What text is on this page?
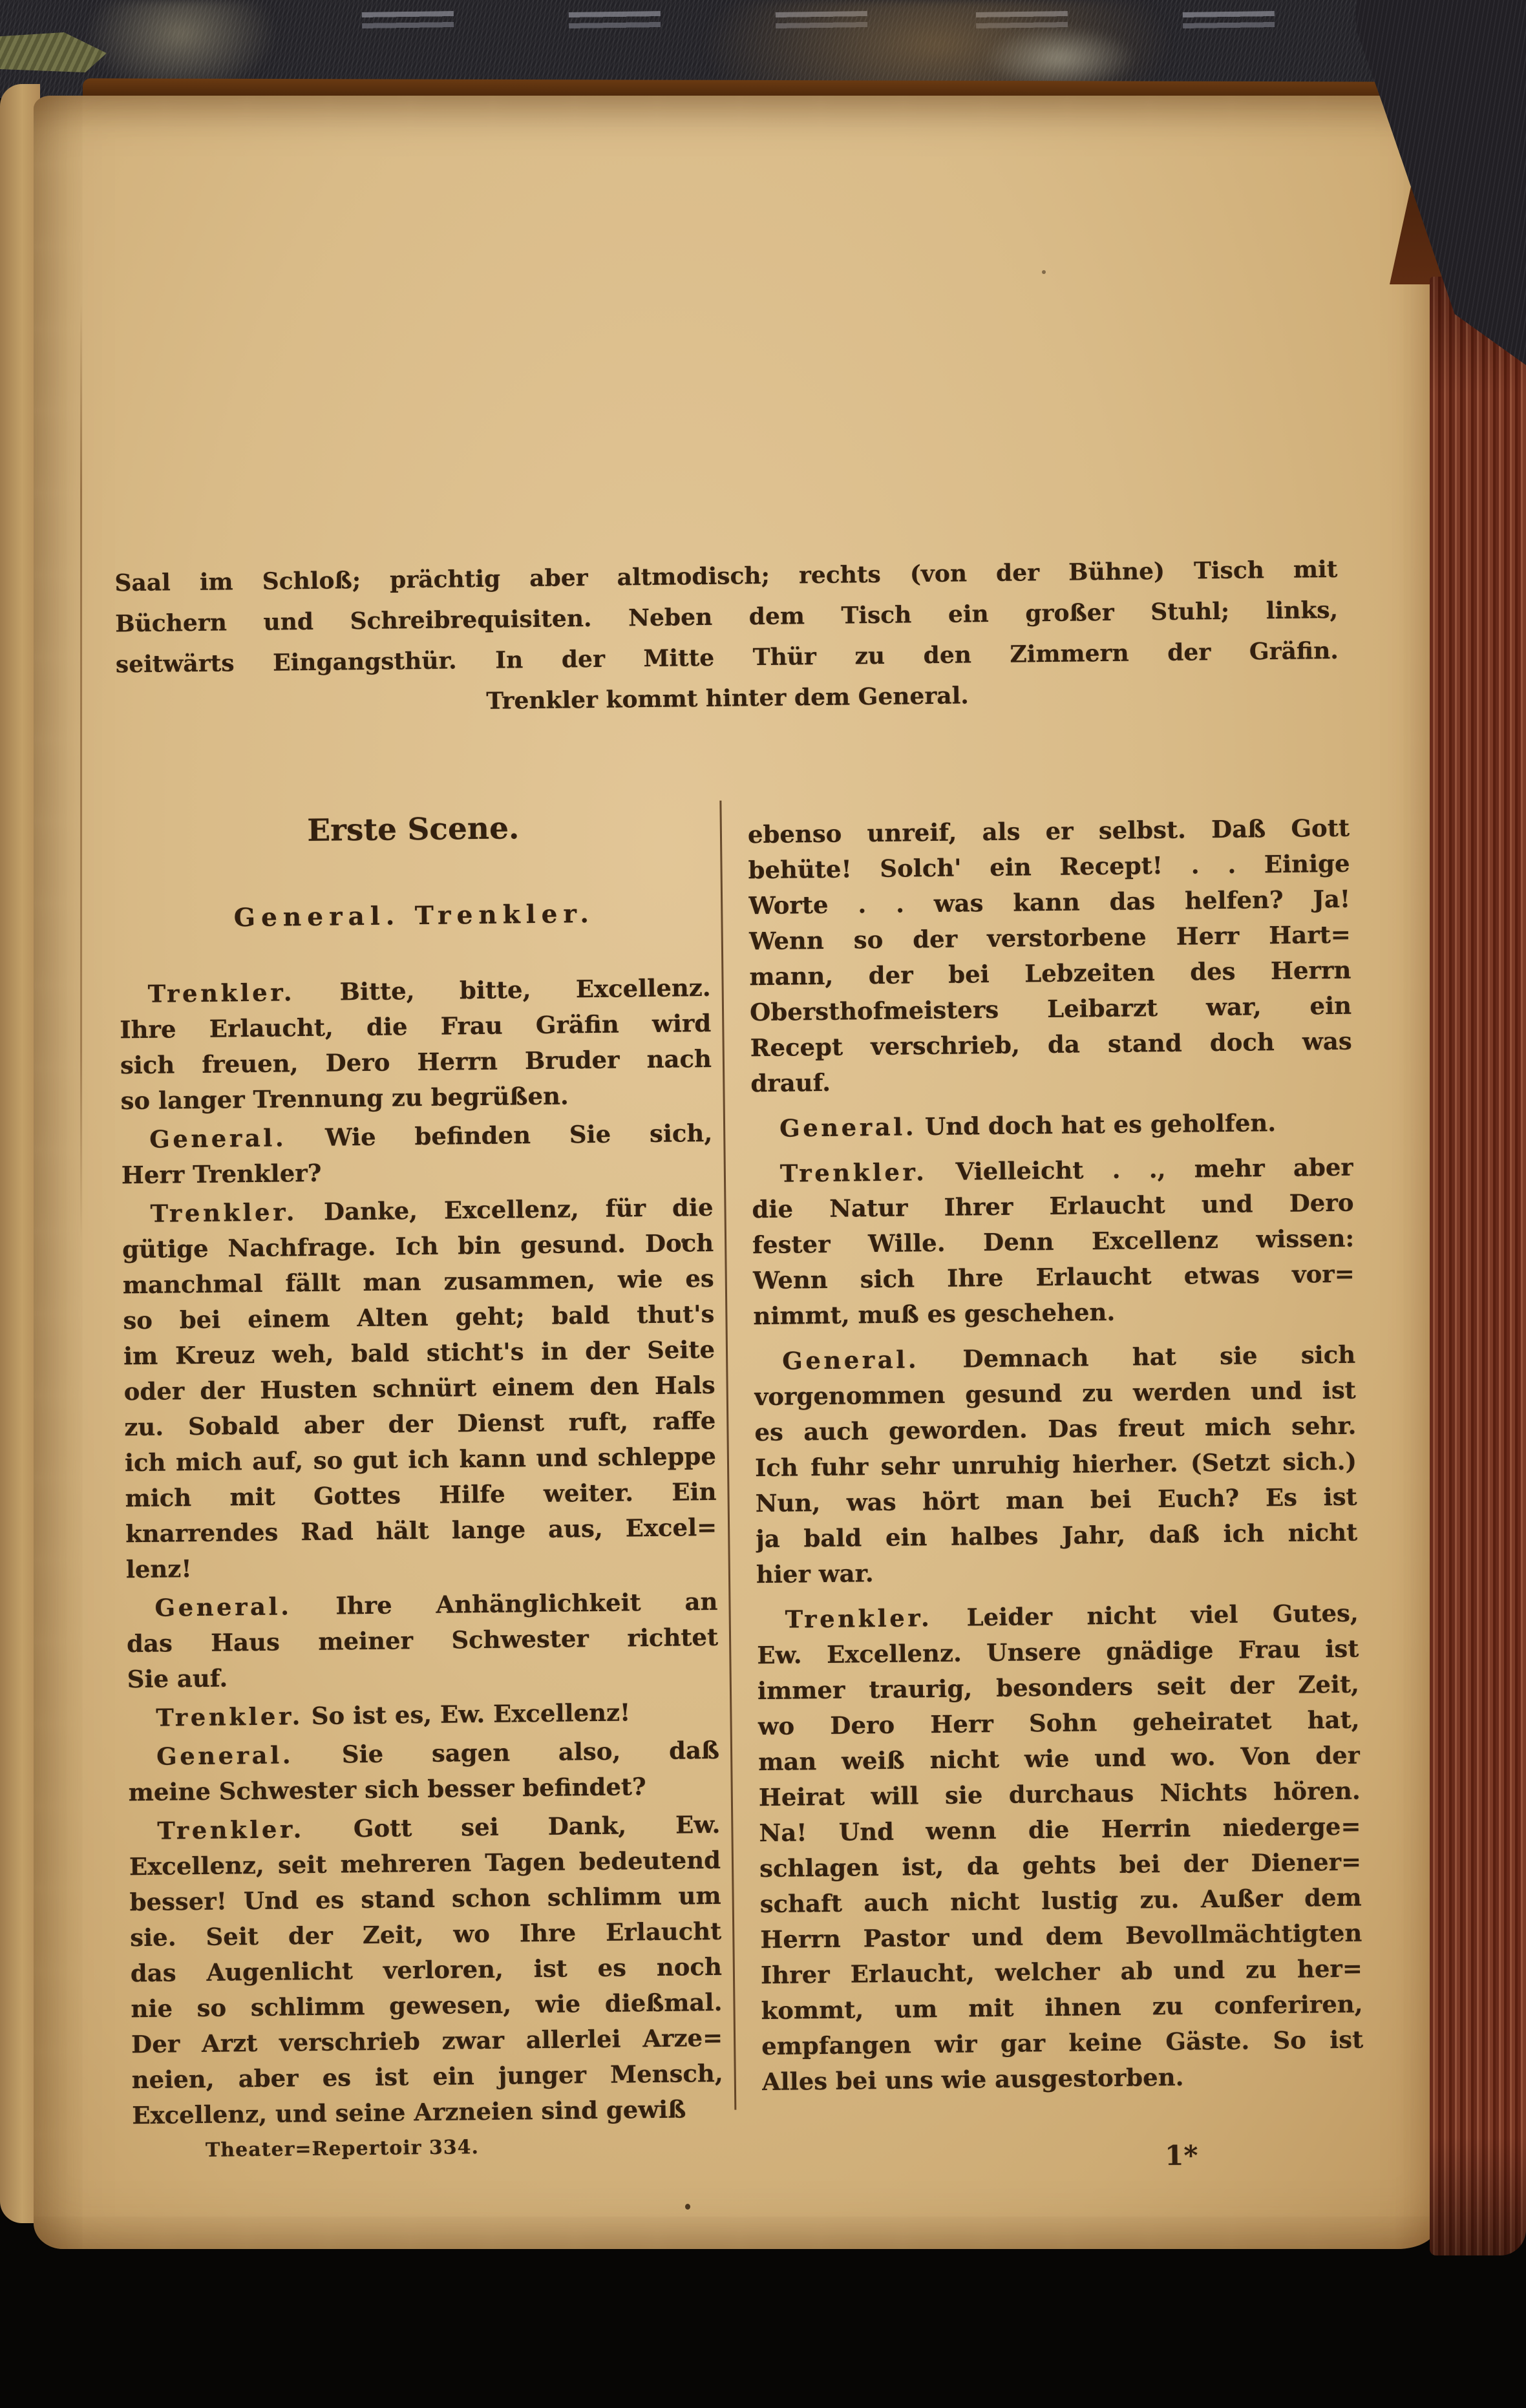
Saal im Schloß; prächtig aber altmodisch; rechts (von der Bühne) Tisch mit
Büchern und Schreibrequisiten. Neben dem Tisch ein großer Stuhl; links,
seitwärts Eingangsthür. In der Mitte Thür zu den Zimmern der Gräfin.
Trenkler kommt hinter dem General.
Erste Scene.
General. Trenkler.
Trenkler. Bitte, bitte, Excellenz.
Ihre Erlaucht, die Frau Gräfin wird
sich freuen, Dero Herrn Bruder nach
so langer Trennung zu begrüßen.
General. Wie befinden Sie sich,
Herr Trenkler?
Trenkler. Danke, Excellenz, für die
gütige Nachfrage. Ich bin gesund. Doch
manchmal fällt man zusammen, wie es
so bei einem Alten geht; bald thut's
im Kreuz weh, bald sticht's in der Seite
oder der Husten schnürt einem den Hals
zu. Sobald aber der Dienst ruft, raffe
ich mich auf, so gut ich kann und schleppe
mich mit Gottes Hilfe weiter. Ein
knarrendes Rad hält lange aus, Excel=
lenz!
General. Ihre Anhänglichkeit an
das Haus meiner Schwester richtet
Sie auf.
Trenkler. So ist es, Ew. Excellenz!
General. Sie sagen also, daß
meine Schwester sich besser befindet?
Trenkler. Gott sei Dank, Ew.
Excellenz, seit mehreren Tagen bedeutend
besser! Und es stand schon schlimm um
sie. Seit der Zeit, wo Ihre Erlaucht
das Augenlicht verloren, ist es noch
nie so schlimm gewesen, wie dießmal.
Der Arzt verschrieb zwar allerlei Arze=
neien, aber es ist ein junger Mensch,
Excellenz, und seine Arzneien sind gewiß
ebenso unreif, als er selbst. Daß Gott
behüte! Solch' ein Recept! . . Einige
Worte . . was kann das helfen? Ja!
Wenn so der verstorbene Herr Hart=
mann, der bei Lebzeiten des Herrn
Obersthofmeisters Leibarzt war, ein
Recept verschrieb, da stand doch was
drauf.
General. Und doch hat es geholfen.
Trenkler. Vielleicht . ., mehr aber
die Natur Ihrer Erlaucht und Dero
fester Wille. Denn Excellenz wissen:
Wenn sich Ihre Erlaucht etwas vor=
nimmt, muß es geschehen.
General. Demnach hat sie sich
vorgenommen gesund zu werden und ist
es auch geworden. Das freut mich sehr.
Ich fuhr sehr unruhig hierher. (Setzt sich.)
Nun, was hört man bei Euch? Es ist
ja bald ein halbes Jahr, daß ich nicht
hier war.
Trenkler. Leider nicht viel Gutes,
Ew. Excellenz. Unsere gnädige Frau ist
immer traurig, besonders seit der Zeit,
wo Dero Herr Sohn geheiratet hat,
man weiß nicht wie und wo. Von der
Heirat will sie durchaus Nichts hören.
Na! Und wenn die Herrin niederge=
schlagen ist, da gehts bei der Diener=
schaft auch nicht lustig zu. Außer dem
Herrn Pastor und dem Bevollmächtigten
Ihrer Erlaucht, welcher ab und zu her=
kommt, um mit ihnen zu conferiren,
empfangen wir gar keine Gäste. So ist
Alles bei uns wie ausgestorben.
Theater=Repertoir 334.	1*
